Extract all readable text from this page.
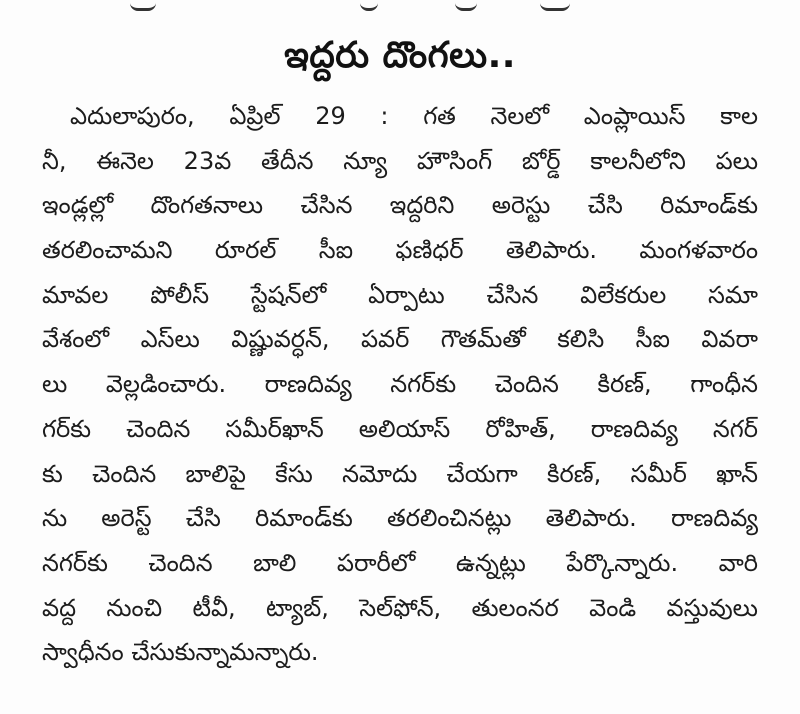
ఇద్దరు దొంగలు..
ఎదులాపురం, ఏప్రిల్ 29 : గత నెలలో ఎంప్లాయిస్ కాల
నీ, ఈనెల 23వ తేదీన న్యూ హౌసింగ్ బోర్డ్ కాలనీలోని పలు
ఇండ్లల్లో దొంగతనాలు చేసిన ఇద్దరిని అరెస్టు చేసి రిమాండ్‌కు
తరలించామని రూరల్ సీఐ ఫణిధర్ తెలిపారు. మంగళవారం
మావల పోలీస్ స్టేషన్‌లో ఏర్పాటు చేసిన విలేకరుల సమా
వేశంలో ఎస్‌లు విష్ణువర్ధన్, పవర్ గౌతమ్‌తో కలిసి సీఐ వివరా
లు వెల్లడించారు. రాణదివ్య నగర్‌కు చెందిన కిరణ్, గాంధీన
గర్‌కు చెందిన సమీర్‌ఖాన్ అలియాస్ రోహిత్, రాణదివ్య నగర్
కు చెందిన బాలిపై కేసు నమోదు చేయగా కిరణ్, సమీర్ ఖాన్
ను అరెస్ట్ చేసి రిమాండ్‌కు తరలించినట్లు తెలిపారు. రాణదివ్య
నగర్‌కు చెందిన బాలి పరారీలో ఉన్నట్లు పేర్కొన్నారు. వారి
వద్ద నుంచి టీవీ, ట్యాబ్, సెల్‌ఫోన్, తులంనర వెండి వస్తువులు
స్వాధీనం చేసుకున్నామన్నారు.
